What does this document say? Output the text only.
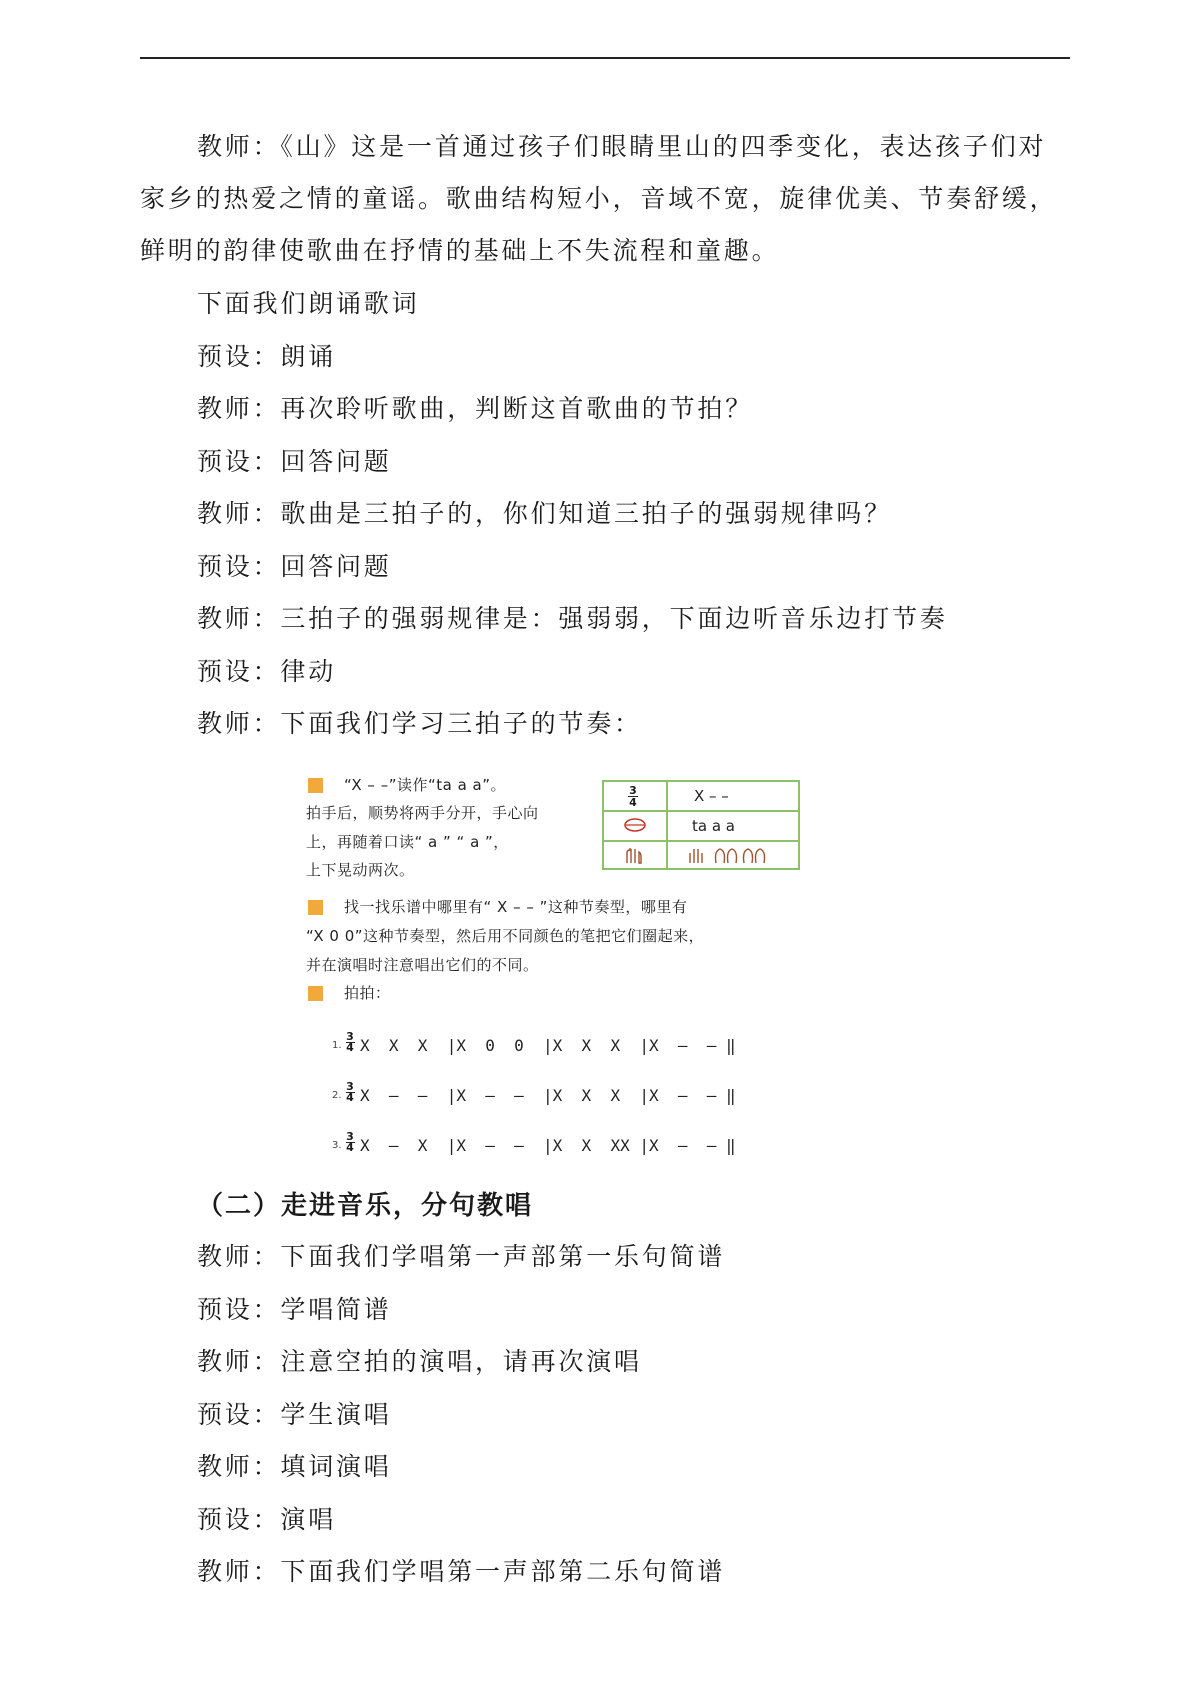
教师：《山》这是一首通过孩子们眼睛里山的四季变化，表达孩子们对
家乡的热爱之情的童谣。歌曲结构短小，音域不宽，旋律优美、节奏舒缓，
鲜明的韵律使歌曲在抒情的基础上不失流程和童趣。
下面我们朗诵歌词
预设：朗诵
教师：再次聆听歌曲，判断这首歌曲的节拍？
预设：回答问题
教师：歌曲是三拍子的，你们知道三拍子的强弱规律吗？
预设：回答问题
教师：三拍子的强弱规律是：强弱弱，下面边听音乐边打节奏
预设：律动
教师：下面我们学习三拍子的节奏：
“X – –”读作“ta a a”。
拍手后，顺势将两手分开，手心向
上，再随着口读“ a ” “ a ”，
上下晃动两次。
3
4	X – –
ta a a
找一找乐谱中哪里有“ X – – ”这种节奏型，哪里有
“X 0 0”这种节奏型，然后用不同颜色的笔把它们圈起来，
并在演唱时注意唱出它们的不同。
拍拍：
1.
3
4 X  X  X  |X  0  0  |X  X  X  |X  –  – ‖
2.
3
4 X  –  –  |X  –  –  |X  X  X  |X  –  – ‖
3.
3
4 X  –  X  |X  –  –  |X  X  XX |X  –  – ‖
（二）走进音乐，分句教唱
教师：下面我们学唱第一声部第一乐句简谱
预设：学唱简谱
教师：注意空拍的演唱，请再次演唱
预设：学生演唱
教师：填词演唱
预设：演唱
教师：下面我们学唱第一声部第二乐句简谱
